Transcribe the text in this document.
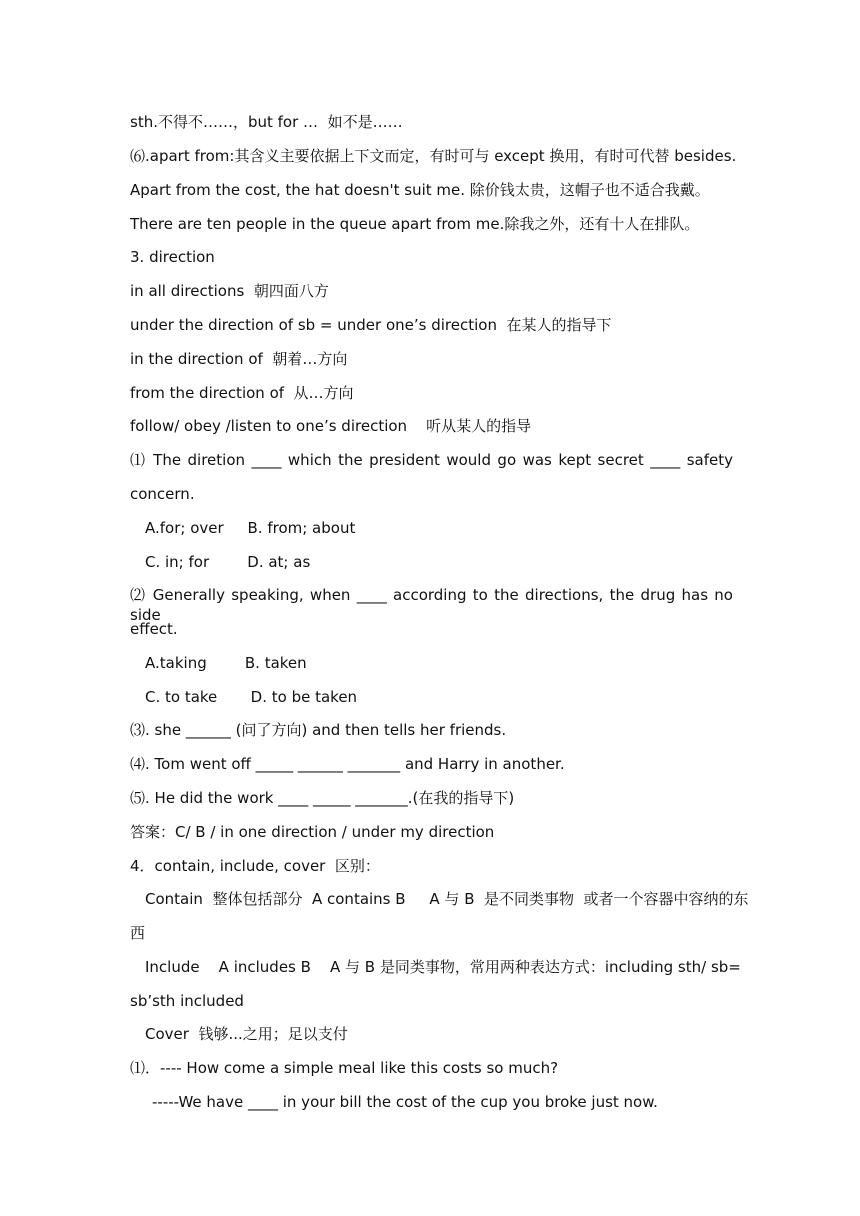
sth.不得不……，but for …  如不是……
⑹.apart from:其含义主要依据上下文而定，有时可与 except 换用，有时可代替 besides.
Apart from the cost, the hat doesn't suit me. 除价钱太贵，这帽子也不适合我戴。
There are ten people in the queue apart from me.除我之外，还有十人在排队。
3. direction
in all directions  朝四面八方
under the direction of sb = under one’s direction  在某人的指导下
in the direction of  朝着…方向
from the direction of  从…方向
follow/ obey /listen to one’s direction    听从某人的指导
⑴ The diretion ____ which the president would go was kept secret ____ safety
concern.
A.for; over     B. from; about
C. in; for        D. at; as
⑵ Generally speaking, when ____ according to the directions, the drug has no side
effect.
A.taking        B. taken
C. to take       D. to be taken
⑶. she ______ (问了方向) and then tells her friends.
⑷. Tom went off _____ ______ _______ and Harry in another.
⑸. He did the work ____ _____ _______.(在我的指导下)
答案：C/ B / in one direction / under my direction
4．contain, include, cover  区别：
Contain  整体包括部分  A contains B     A 与 B  是不同类事物  或者一个容器中容纳的东
西
Include    A includes B    A 与 B 是同类事物，常用两种表达方式：including sth/ sb=
sb’sth included
Cover  钱够...之用；足以支付
⑴．---- How come a simple meal like this costs so much?
-----We have ____ in your bill the cost of the cup you broke just now.
